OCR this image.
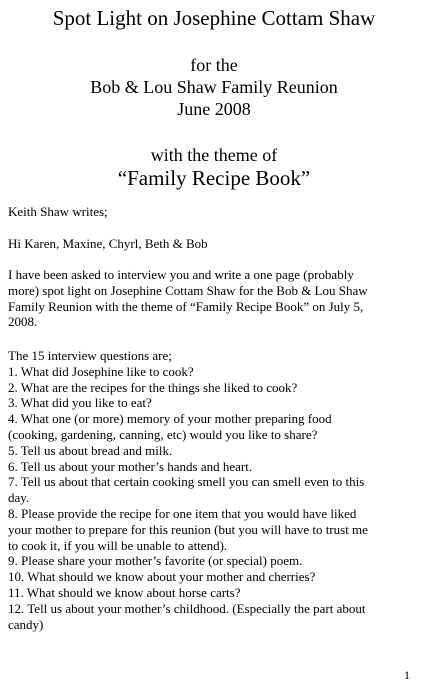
Spot Light on Josephine Cottam Shaw
for the
Bob & Lou Shaw Family Reunion
June 2008
with the theme of
“Family Recipe Book”
Keith Shaw writes;
Hi Karen, Maxine, Chyrl, Beth & Bob
I have been asked to interview you and write a one page (probably
more) spot light on Josephine Cottam Shaw for the Bob & Lou Shaw
Family Reunion with the theme of “Family Recipe Book” on July 5,
2008.
The 15 interview questions are;
1. What did Josephine like to cook?
2. What are the recipes for the things she liked to cook?
3. What did you like to eat?
4. What one (or more) memory of your mother preparing food
(cooking, gardening, canning, etc) would you like to share?
5. Tell us about bread and milk.
6. Tell us about your mother’s hands and heart.
7. Tell us about that certain cooking smell you can smell even to this
day.
8. Please provide the recipe for one item that you would have liked
your mother to prepare for this reunion (but you will have to trust me
to cook it, if you will be unable to attend).
9. Please share your mother’s favorite (or special) poem.
10. What should we know about your mother and cherries?
11. What should we know about horse carts?
12. Tell us about your mother’s childhood. (Especially the part about
candy)
1
